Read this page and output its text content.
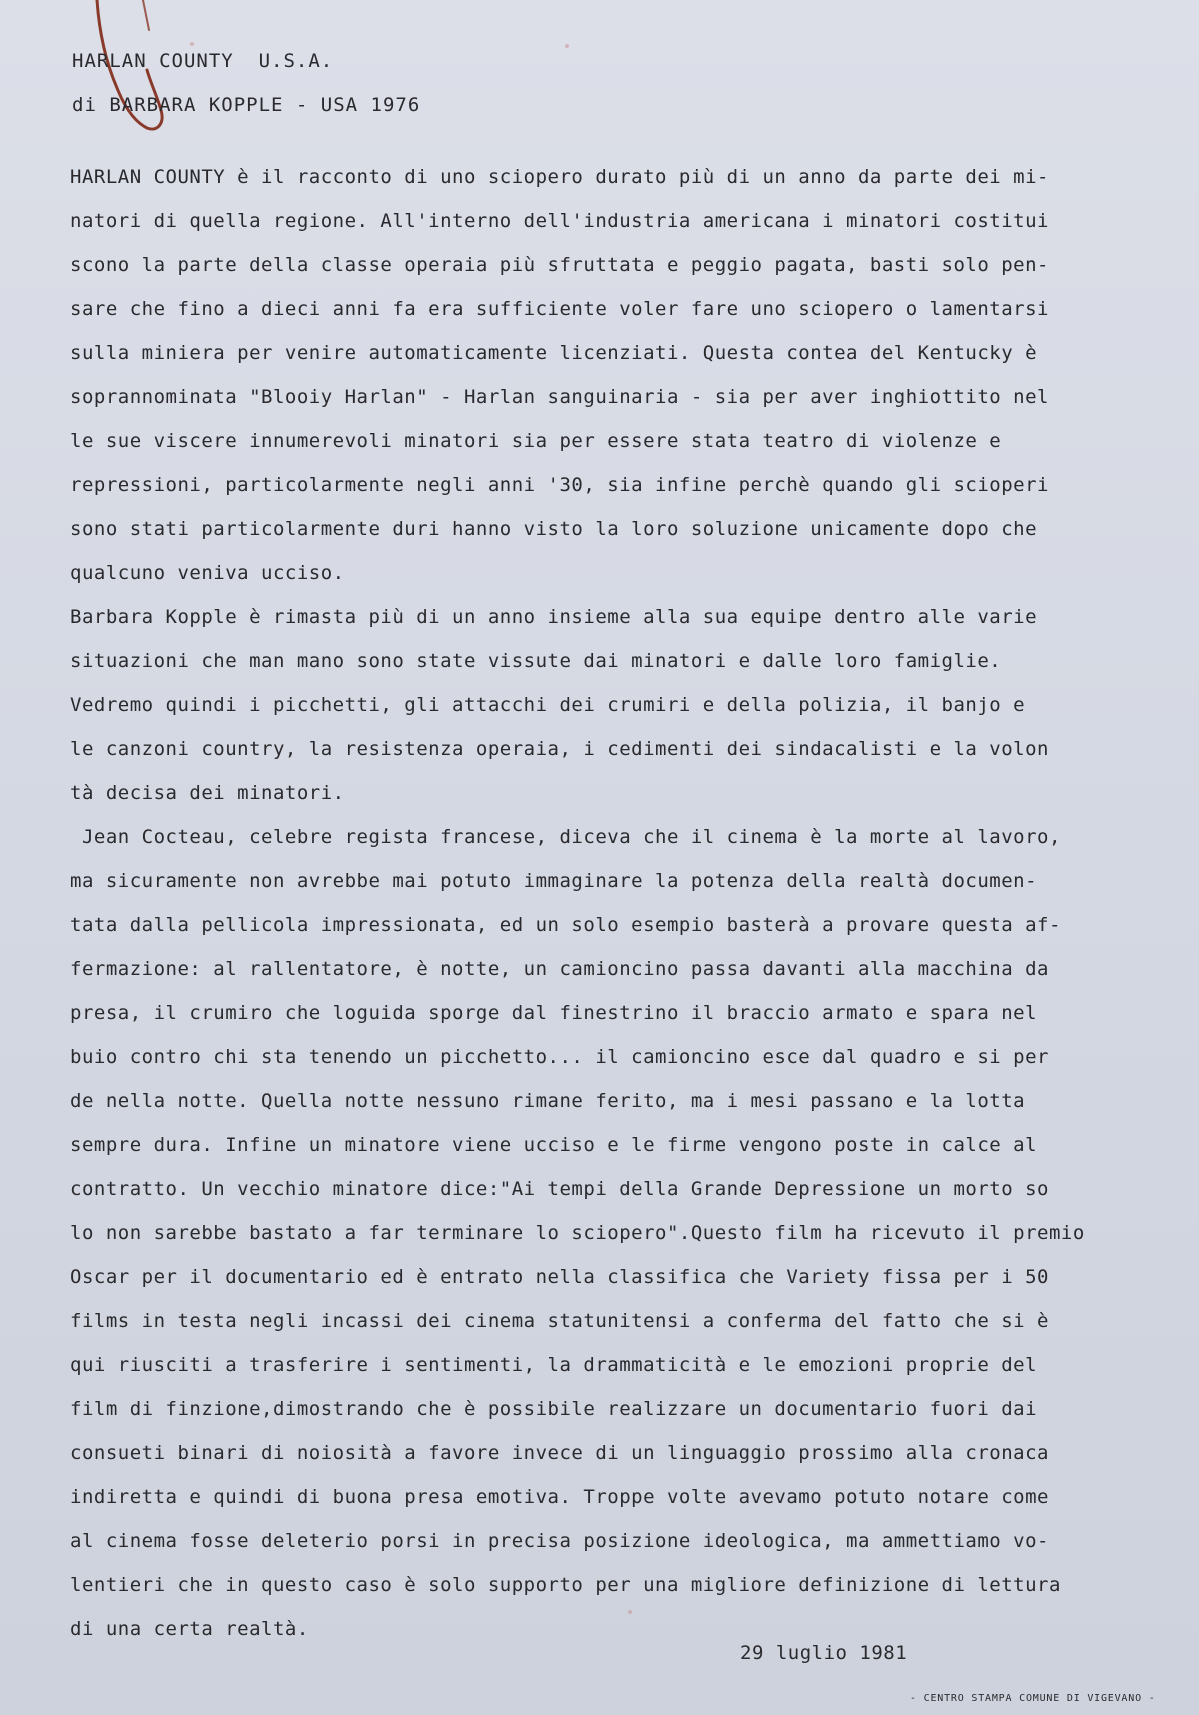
HARLAN COUNTY  U.S.A.
di BARBARA KOPPLE - USA 1976
HARLAN COUNTY è il racconto di uno sciopero durato più di un anno da parte dei mi-
natori di quella regione. All'interno dell'industria americana i minatori costitui
scono la parte della classe operaia più sfruttata e peggio pagata, basti solo pen-
sare che fino a dieci anni fa era sufficiente voler fare uno sciopero o lamentarsi
sulla miniera per venire automaticamente licenziati. Questa contea del Kentucky è
soprannominata "Blooiy Harlan" - Harlan sanguinaria - sia per aver inghiottito nel
le sue viscere innumerevoli minatori sia per essere stata teatro di violenze e
repressioni, particolarmente negli anni '30, sia infine perchè quando gli scioperi
sono stati particolarmente duri hanno visto la loro soluzione unicamente dopo che
qualcuno veniva ucciso.
Barbara Kopple è rimasta più di un anno insieme alla sua equipe dentro alle varie
situazioni che man mano sono state vissute dai minatori e dalle loro famiglie.
Vedremo quindi i picchetti, gli attacchi dei crumiri e della polizia, il banjo e
le canzoni country, la resistenza operaia, i cedimenti dei sindacalisti e la volon
tà decisa dei minatori.
Jean Cocteau, celebre regista francese, diceva che il cinema è la morte al lavoro,
ma sicuramente non avrebbe mai potuto immaginare la potenza della realtà documen-
tata dalla pellicola impressionata, ed un solo esempio basterà a provare questa af-
fermazione: al rallentatore, è notte, un camioncino passa davanti alla macchina da
presa, il crumiro che loguida sporge dal finestrino il braccio armato e spara nel
buio contro chi sta tenendo un picchetto... il camioncino esce dal quadro e si per
de nella notte. Quella notte nessuno rimane ferito, ma i mesi passano e la lotta
sempre dura. Infine un minatore viene ucciso e le firme vengono poste in calce al
contratto. Un vecchio minatore dice:"Ai tempi della Grande Depressione un morto so
lo non sarebbe bastato a far terminare lo sciopero".Questo film ha ricevuto il premio
Oscar per il documentario ed è entrato nella classifica che Variety fissa per i 50
films in testa negli incassi dei cinema statunitensi a conferma del fatto che si è
qui riusciti a trasferire i sentimenti, la drammaticità e le emozioni proprie del
film di finzione,dimostrando che è possibile realizzare un documentario fuori dai
consueti binari di noiosità a favore invece di un linguaggio prossimo alla cronaca
indiretta e quindi di buona presa emotiva. Troppe volte avevamo potuto notare come
al cinema fosse deleterio porsi in precisa posizione ideologica, ma ammettiamo vo-
lentieri che in questo caso è solo supporto per una migliore definizione di lettura
di una certa realtà.
29 luglio 1981
- CENTRO STAMPA COMUNE DI VIGEVANO -
